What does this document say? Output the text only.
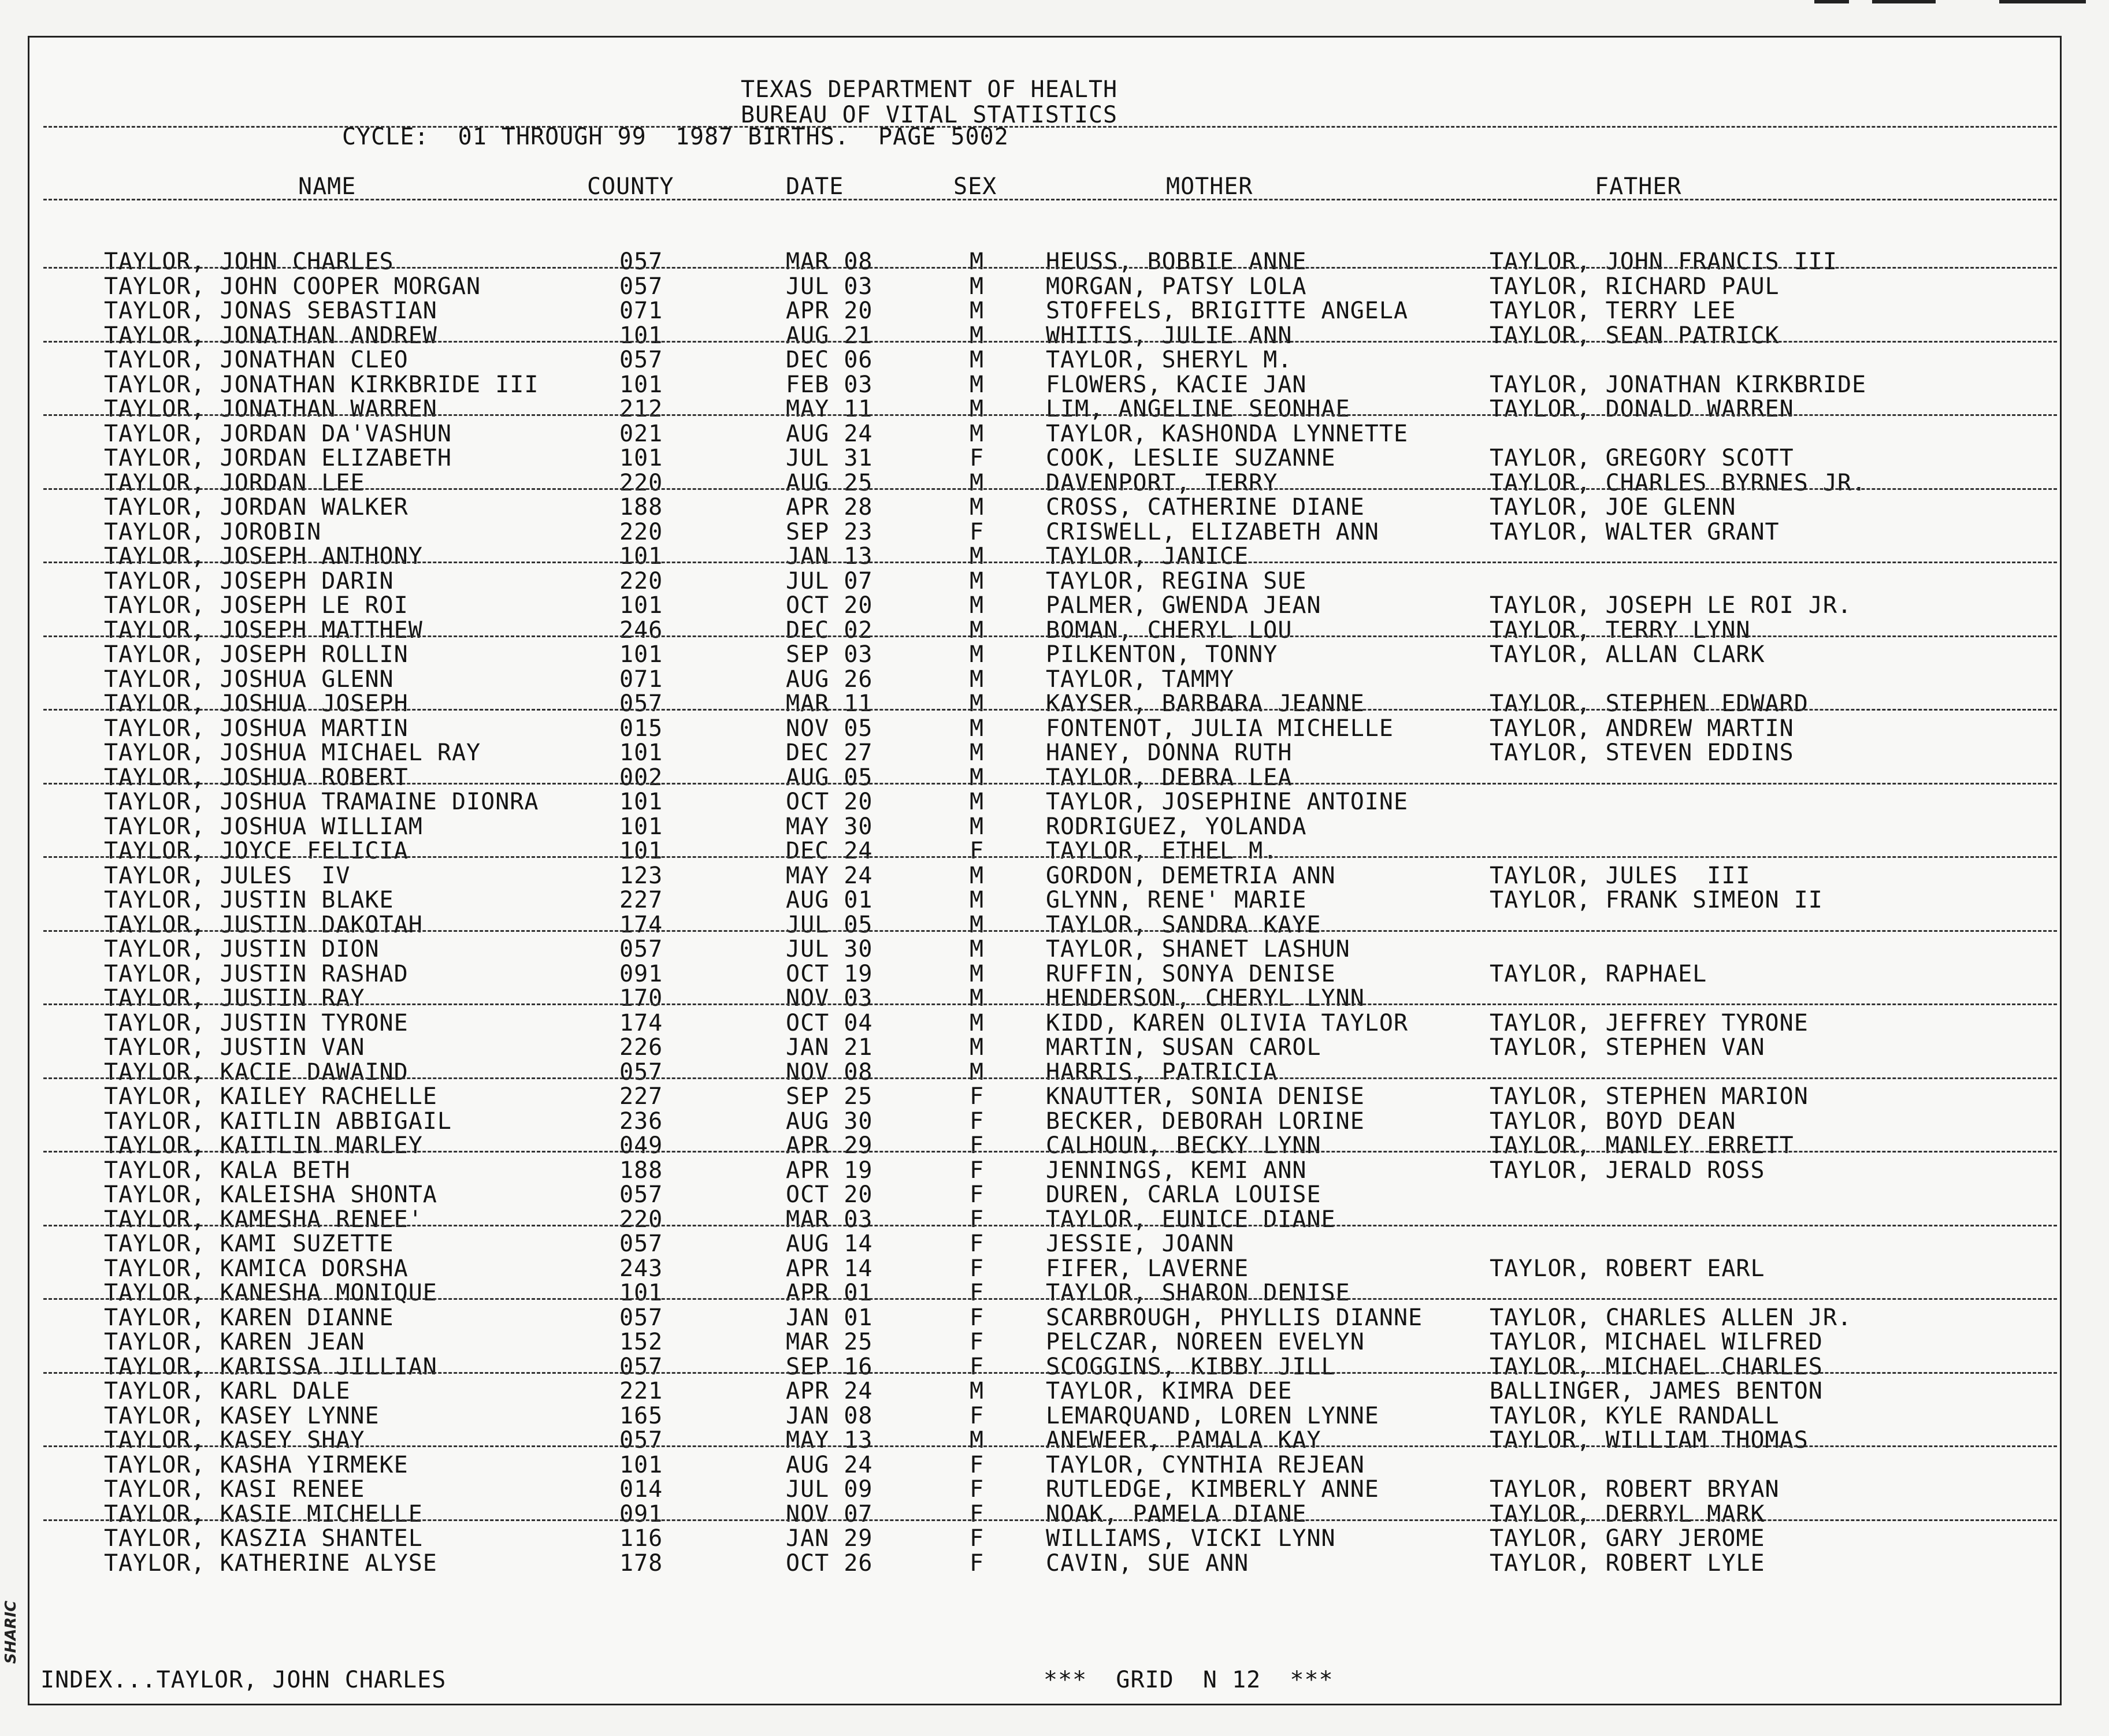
SHARIC
TEXAS DEPARTMENT OF HEALTH
BUREAU OF VITAL STATISTICS
CYCLE:  01 THROUGH 99  1987 BIRTHS.  PAGE 5002
NAME	COUNTY	DATE	SEX	MOTHER	FATHER
TAYLOR, JOHN CHARLES	057	MAR 08	M	HEUSS, BOBBIE ANNE	TAYLOR, JOHN FRANCIS III
TAYLOR, JOHN COOPER MORGAN	057	JUL 03	M	MORGAN, PATSY LOLA	TAYLOR, RICHARD PAUL
TAYLOR, JONAS SEBASTIAN	071	APR 20	M	STOFFELS, BRIGITTE ANGELA	TAYLOR, TERRY LEE
TAYLOR, JONATHAN ANDREW	101	AUG 21	M	WHITIS, JULIE ANN	TAYLOR, SEAN PATRICK
TAYLOR, JONATHAN CLEO	057	DEC 06	M	TAYLOR, SHERYL M.
TAYLOR, JONATHAN KIRKBRIDE III	101	FEB 03	M	FLOWERS, KACIE JAN	TAYLOR, JONATHAN KIRKBRIDE
TAYLOR, JONATHAN WARREN	212	MAY 11	M	LIM, ANGELINE SEONHAE	TAYLOR, DONALD WARREN
TAYLOR, JORDAN DA'VASHUN	021	AUG 24	M	TAYLOR, KASHONDA LYNNETTE
TAYLOR, JORDAN ELIZABETH	101	JUL 31	F	COOK, LESLIE SUZANNE	TAYLOR, GREGORY SCOTT
TAYLOR, JORDAN LEE	220	AUG 25	M	DAVENPORT, TERRY	TAYLOR, CHARLES BYRNES JR.
TAYLOR, JORDAN WALKER	188	APR 28	M	CROSS, CATHERINE DIANE	TAYLOR, JOE GLENN
TAYLOR, JOROBIN	220	SEP 23	F	CRISWELL, ELIZABETH ANN	TAYLOR, WALTER GRANT
TAYLOR, JOSEPH ANTHONY	101	JAN 13	M	TAYLOR, JANICE
TAYLOR, JOSEPH DARIN	220	JUL 07	M	TAYLOR, REGINA SUE
TAYLOR, JOSEPH LE ROI	101	OCT 20	M	PALMER, GWENDA JEAN	TAYLOR, JOSEPH LE ROI JR.
TAYLOR, JOSEPH MATTHEW	246	DEC 02	M	BOMAN, CHERYL LOU	TAYLOR, TERRY LYNN
TAYLOR, JOSEPH ROLLIN	101	SEP 03	M	PILKENTON, TONNY	TAYLOR, ALLAN CLARK
TAYLOR, JOSHUA GLENN	071	AUG 26	M	TAYLOR, TAMMY
TAYLOR, JOSHUA JOSEPH	057	MAR 11	M	KAYSER, BARBARA JEANNE	TAYLOR, STEPHEN EDWARD
TAYLOR, JOSHUA MARTIN	015	NOV 05	M	FONTENOT, JULIA MICHELLE	TAYLOR, ANDREW MARTIN
TAYLOR, JOSHUA MICHAEL RAY	101	DEC 27	M	HANEY, DONNA RUTH	TAYLOR, STEVEN EDDINS
TAYLOR, JOSHUA ROBERT	002	AUG 05	M	TAYLOR, DEBRA LEA
TAYLOR, JOSHUA TRAMAINE DIONRA	101	OCT 20	M	TAYLOR, JOSEPHINE ANTOINE
TAYLOR, JOSHUA WILLIAM	101	MAY 30	M	RODRIGUEZ, YOLANDA
TAYLOR, JOYCE FELICIA	101	DEC 24	F	TAYLOR, ETHEL M.
TAYLOR, JULES  IV	123	MAY 24	M	GORDON, DEMETRIA ANN	TAYLOR, JULES  III
TAYLOR, JUSTIN BLAKE	227	AUG 01	M	GLYNN, RENE' MARIE	TAYLOR, FRANK SIMEON II
TAYLOR, JUSTIN DAKOTAH	174	JUL 05	M	TAYLOR, SANDRA KAYE
TAYLOR, JUSTIN DION	057	JUL 30	M	TAYLOR, SHANET LASHUN
TAYLOR, JUSTIN RASHAD	091	OCT 19	M	RUFFIN, SONYA DENISE	TAYLOR, RAPHAEL
TAYLOR, JUSTIN RAY	170	NOV 03	M	HENDERSON, CHERYL LYNN
TAYLOR, JUSTIN TYRONE	174	OCT 04	M	KIDD, KAREN OLIVIA TAYLOR	TAYLOR, JEFFREY TYRONE
TAYLOR, JUSTIN VAN	226	JAN 21	M	MARTIN, SUSAN CAROL	TAYLOR, STEPHEN VAN
TAYLOR, KACIE DAWAIND	057	NOV 08	M	HARRIS, PATRICIA
TAYLOR, KAILEY RACHELLE	227	SEP 25	F	KNAUTTER, SONIA DENISE	TAYLOR, STEPHEN MARION
TAYLOR, KAITLIN ABBIGAIL	236	AUG 30	F	BECKER, DEBORAH LORINE	TAYLOR, BOYD DEAN
TAYLOR, KAITLIN MARLEY	049	APR 29	F	CALHOUN, BECKY LYNN	TAYLOR, MANLEY ERRETT
TAYLOR, KALA BETH	188	APR 19	F	JENNINGS, KEMI ANN	TAYLOR, JERALD ROSS
TAYLOR, KALEISHA SHONTA	057	OCT 20	F	DUREN, CARLA LOUISE
TAYLOR, KAMESHA RENEE'	220	MAR 03	F	TAYLOR, EUNICE DIANE
TAYLOR, KAMI SUZETTE	057	AUG 14	F	JESSIE, JOANN
TAYLOR, KAMICA DORSHA	243	APR 14	F	FIFER, LAVERNE	TAYLOR, ROBERT EARL
TAYLOR, KANESHA MONIQUE	101	APR 01	F	TAYLOR, SHARON DENISE
TAYLOR, KAREN DIANNE	057	JAN 01	F	SCARBROUGH, PHYLLIS DIANNE	TAYLOR, CHARLES ALLEN JR.
TAYLOR, KAREN JEAN	152	MAR 25	F	PELCZAR, NOREEN EVELYN	TAYLOR, MICHAEL WILFRED
TAYLOR, KARISSA JILLIAN	057	SEP 16	F	SCOGGINS, KIBBY JILL	TAYLOR, MICHAEL CHARLES
TAYLOR, KARL DALE	221	APR 24	M	TAYLOR, KIMRA DEE	BALLINGER, JAMES BENTON
TAYLOR, KASEY LYNNE	165	JAN 08	F	LEMARQUAND, LOREN LYNNE	TAYLOR, KYLE RANDALL
TAYLOR, KASEY SHAY	057	MAY 13	M	ANEWEER, PAMALA KAY	TAYLOR, WILLIAM THOMAS
TAYLOR, KASHA YIRMEKE	101	AUG 24	F	TAYLOR, CYNTHIA REJEAN
TAYLOR, KASI RENEE	014	JUL 09	F	RUTLEDGE, KIMBERLY ANNE	TAYLOR, ROBERT BRYAN
TAYLOR, KASIE MICHELLE	091	NOV 07	F	NOAK, PAMELA DIANE	TAYLOR, DERRYL MARK
TAYLOR, KASZIA SHANTEL	116	JAN 29	F	WILLIAMS, VICKI LYNN	TAYLOR, GARY JEROME
TAYLOR, KATHERINE ALYSE	178	OCT 26	F	CAVIN, SUE ANN	TAYLOR, ROBERT LYLE
INDEX...TAYLOR, JOHN CHARLES	***  GRID  N 12  ***
